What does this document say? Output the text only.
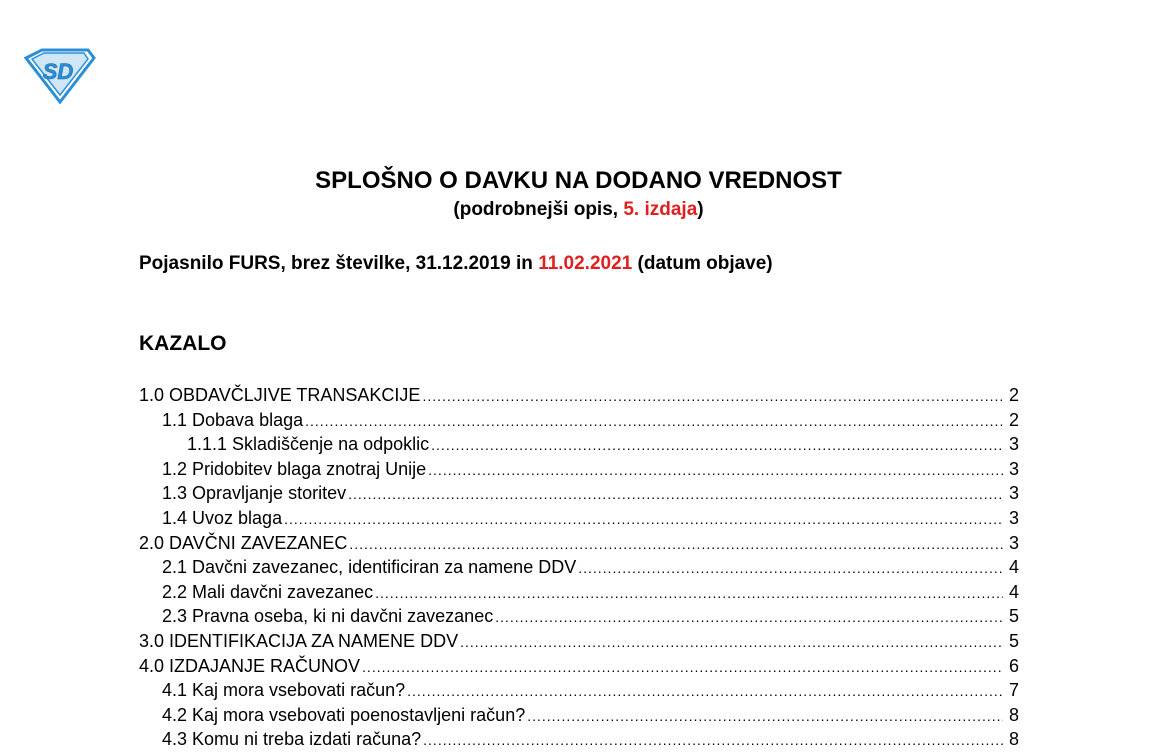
SD
SPLOŠNO O DAVKU NA DODANO VREDNOST
(podrobnejši opis, 5. izdaja)
Pojasnilo FURS, brez številke, 31.12.2019 in 11.02.2021 (datum objave)
KAZALO
1.0 OBDAVČLJIVE TRANSAKCIJE .....	2
1.1 Dobava blaga .....	2
1.1.1 Skladiščenje na odpoklic .....	3
1.2 Pridobitev blaga znotraj Unije .....	3
1.3 Opravljanje storitev .....	3
1.4 Uvoz blaga .....	3
2.0 DAVČNI ZAVEZANEC .....	3
2.1 Davčni zavezanec, identificiran za namene DDV .....	4
2.2 Mali davčni zavezanec .....	4
2.3 Pravna oseba, ki ni davčni zavezanec .....	5
3.0 IDENTIFIKACIJA ZA NAMENE DDV .....	5
4.0 IZDAJANJE RAČUNOV .....	6
4.1 Kaj mora vsebovati račun? .....	7
4.2 Kaj mora vsebovati poenostavljeni račun? .....	8
4.3 Komu ni treba izdati računa? .....	8
